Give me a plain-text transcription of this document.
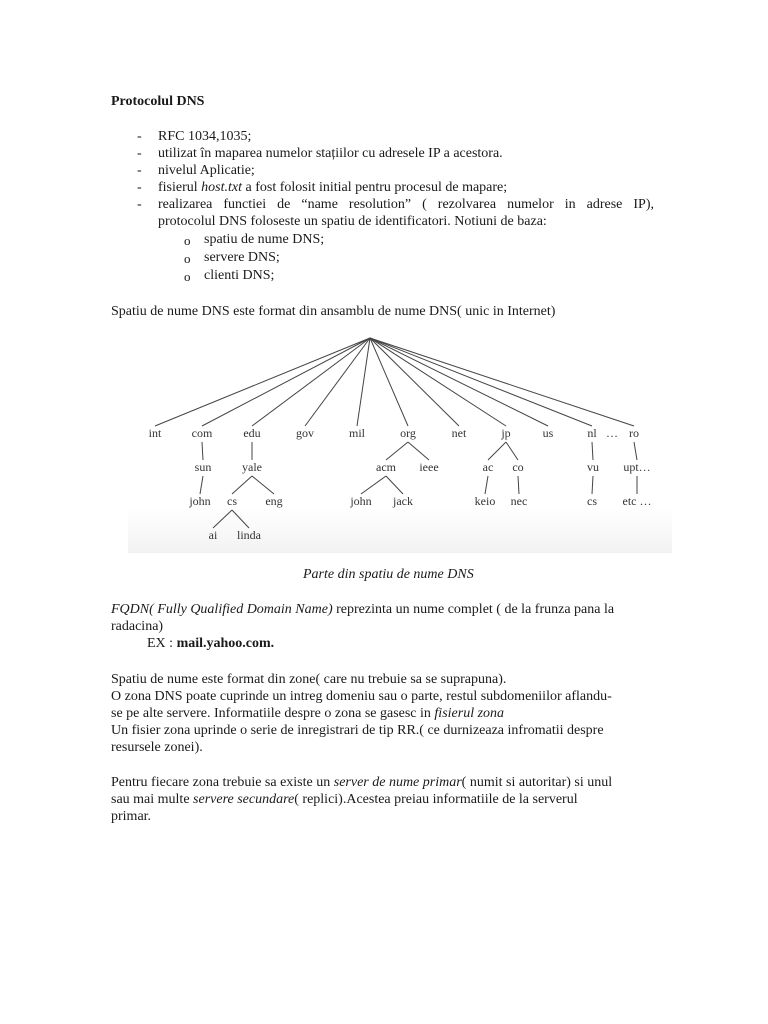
Protocolul DNS
- RFC 1034,1035;
- utilizat în maparea numelor stațiilor cu adresele IP a acestora.
- nivelul Aplicatie;
- fisierul host.txt a fost folosit initial pentru procesul de mapare;
- realizarea functiei de “name resolution” ( rezolvarea numelor in adrese IP),
protocolul DNS foloseste un spatiu de identificatori. Notiuni de baza:
o spatiu de nume DNS;
o servere DNS;
o clienti DNS;
Spatiu de nume DNS este format din ansamblu de nume DNS( unic in Internet)
int	com	edu	gov	mil	org	net	jp	us	nl … ro
sun	yale	acm ieee	ac co	vu upt…
john cs eng	john jack	keio nec	cs etc …
ai linda
Parte din spatiu de nume DNS
FQDN( Fully Qualified Domain Name) reprezinta un nume complet ( de la frunza pana la
radacina)
EX : mail.yahoo.com.
Spatiu de nume este format din zone( care nu trebuie sa se suprapuna).
O zona DNS poate cuprinde un intreg domeniu sau o parte, restul subdomeniilor aflandu-
se pe alte servere. Informatiile despre o zona se gasesc in fisierul zona
Un fisier zona uprinde o serie de inregistrari de tip RR.( ce durnizeaza infromatii despre
resursele zonei).
Pentru fiecare zona trebuie sa existe un server de nume primar( numit si autoritar) si unul
sau mai multe servere secundare( replici).Acestea preiau informatiile de la serverul
primar.
